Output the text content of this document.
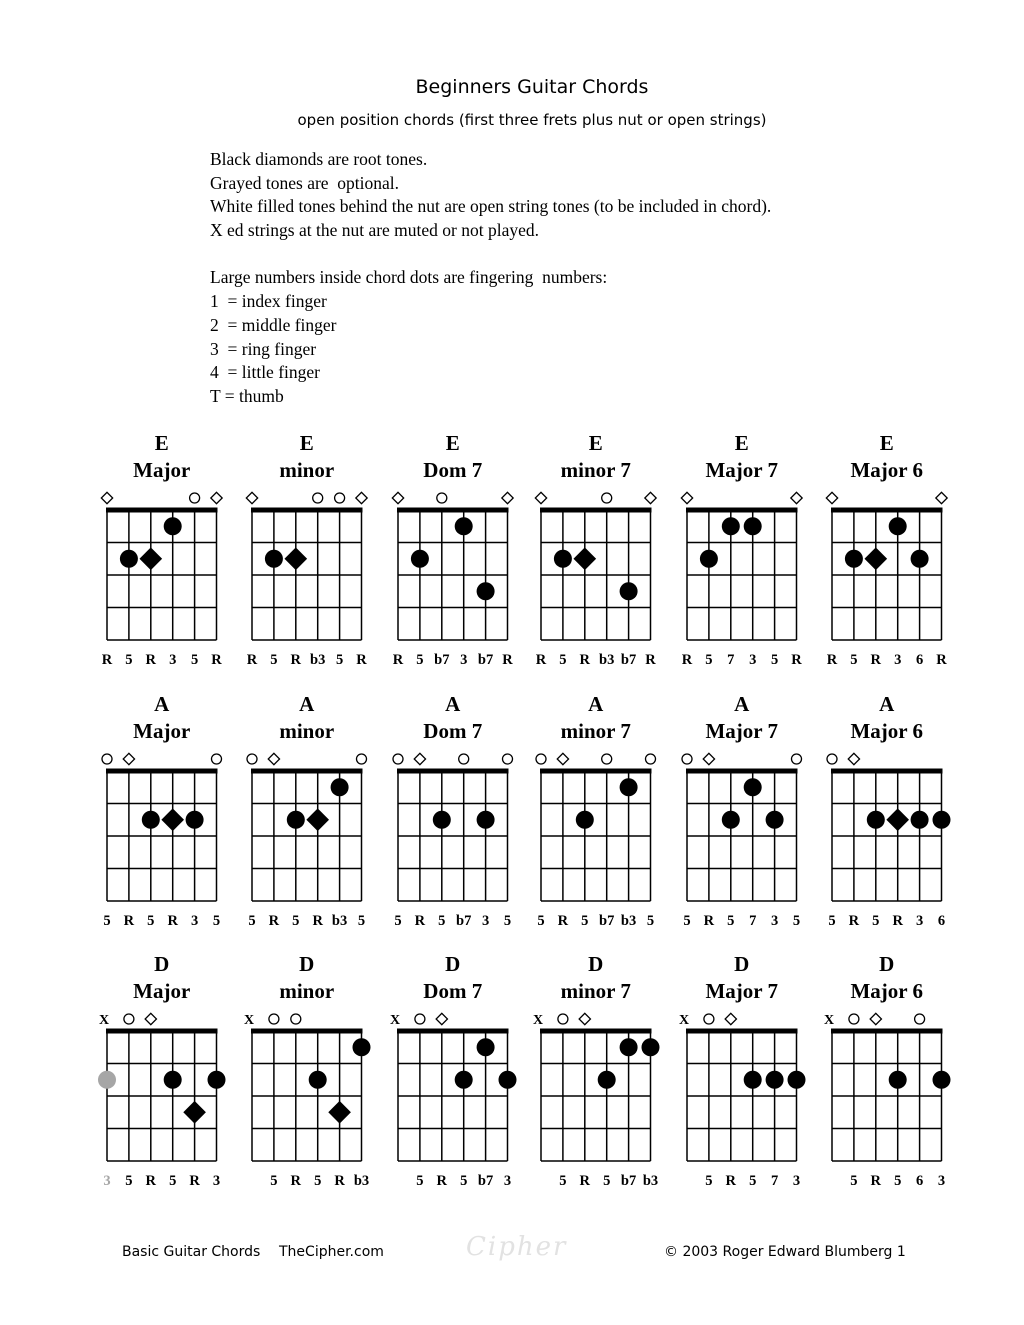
Beginners Guitar Chords
open position chords (first three frets plus nut or open strings)
Black diamonds are root tones.
Grayed tones are  optional.
White filled tones behind the nut are open string tones (to be included in chord).
X ed strings at the nut are muted or not played.
Large numbers inside chord dots are fingering  numbers:
1  = index finger
2  = middle finger
3  = ring finger
4  = little finger
T = thumb
E
Major
R 5 R 3 5 R
E
minor
R 5 R b3 5 R
E
Dom 7
R 5 b7 3 b7 R
E
minor 7
R 5 R b3 b7 R
E
Major 7
R 5 7 3 5 R
E
Major 6
R 5 R 3 6 R
A
Major
5 R 5 R 3 5
A
minor
5 R 5 R b3 5
A
Dom 7
5 R 5 b7 3 5
A
minor 7
5 R 5 b7 b3 5
A
Major 7
5 R 5 7 3 5
A
Major 6
5 R 5 R 3 6
D
Major
X
3 5 R 5 R 3
D
minor
X
5 R 5 R b3
D
Dom 7
X
5 R 5 b7 3
D
minor 7
X
5 R 5 b7 b3
D
Major 7
X
5 R 5 7 3
D
Major 6
X
5 R 5 6 3
Basic Guitar Chords TheCipher.com	Cipher	© 2003 Roger Edward Blumberg 1
